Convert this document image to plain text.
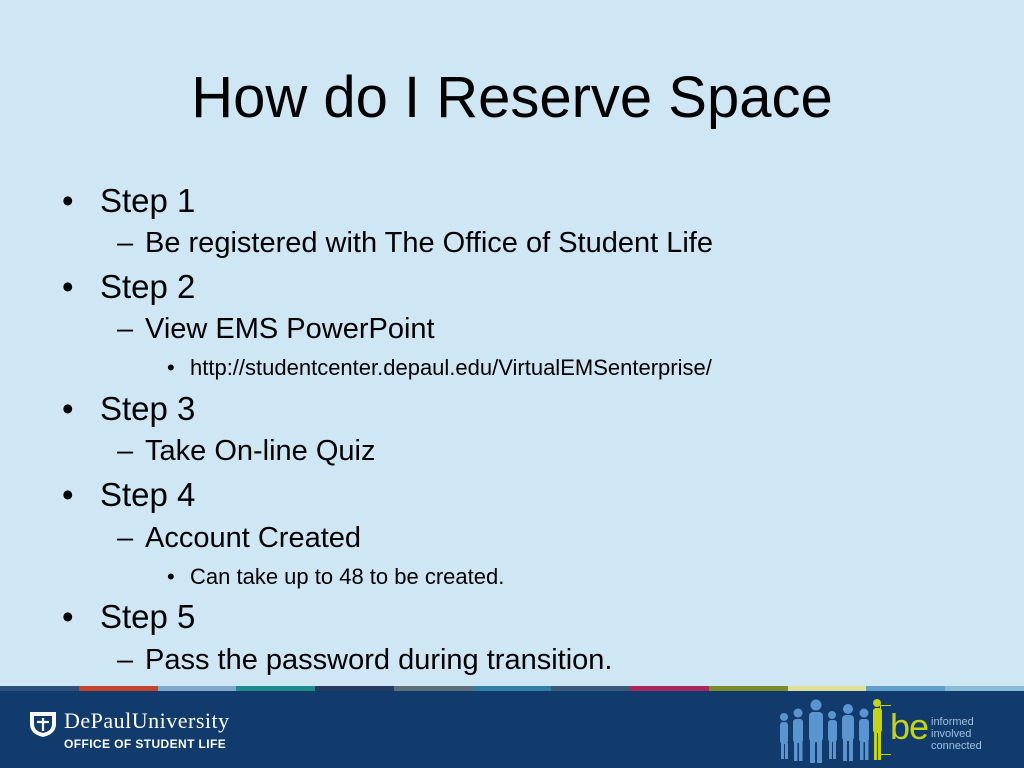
How do I Reserve Space
• Step 1
– Be registered with The Office of Student Life
• Step 2
– View EMS PowerPoint
• http://studentcenter.depaul.edu/VirtualEMSenterprise/
• Step 3
– Take On-line Quiz
• Step 4
– Account Created
• Can take up to 48 to be created.
• Step 5
– Pass the password during transition.
DePaulUniversity
OFFICE OF STUDENT LIFE	be informed
involved
connected
